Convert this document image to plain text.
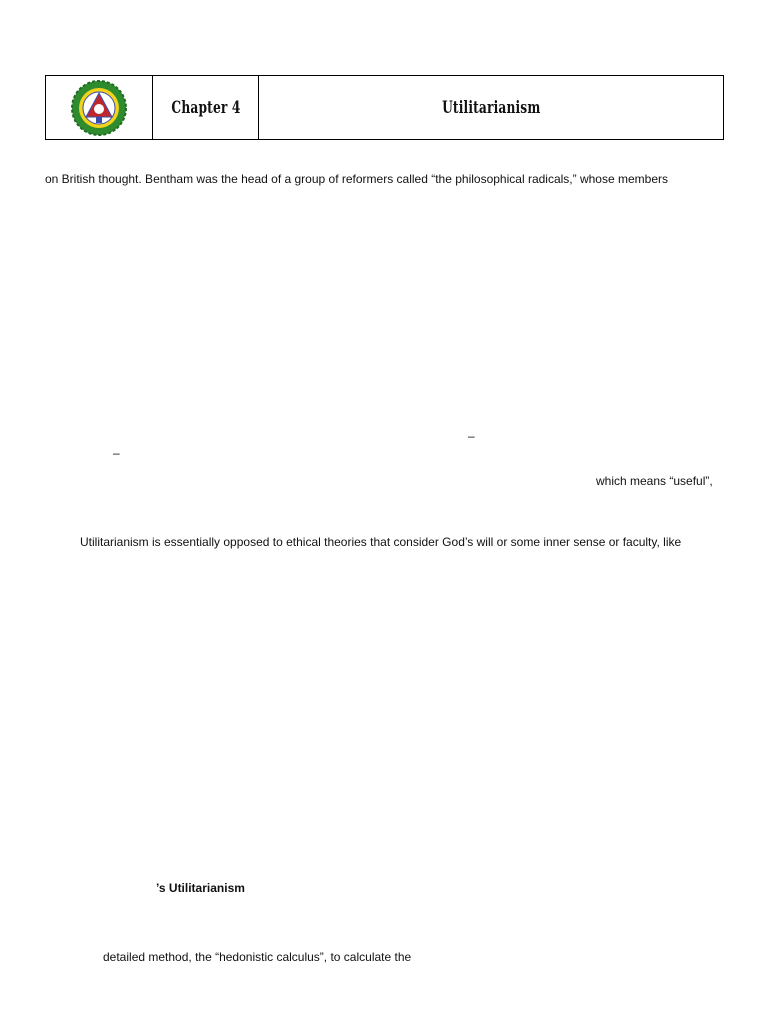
Chapter 4	Utilitarianism
on British thought. Bentham was the head of a group of reformers called “the philosophical radicals,” whose members
–
–
which means “useful”,
Utilitarianism is essentially opposed to ethical theories that consider God’s will or some inner sense or faculty, like
’s Utilitarianism
detailed method, the “hedonistic calculus”, to calculate the
